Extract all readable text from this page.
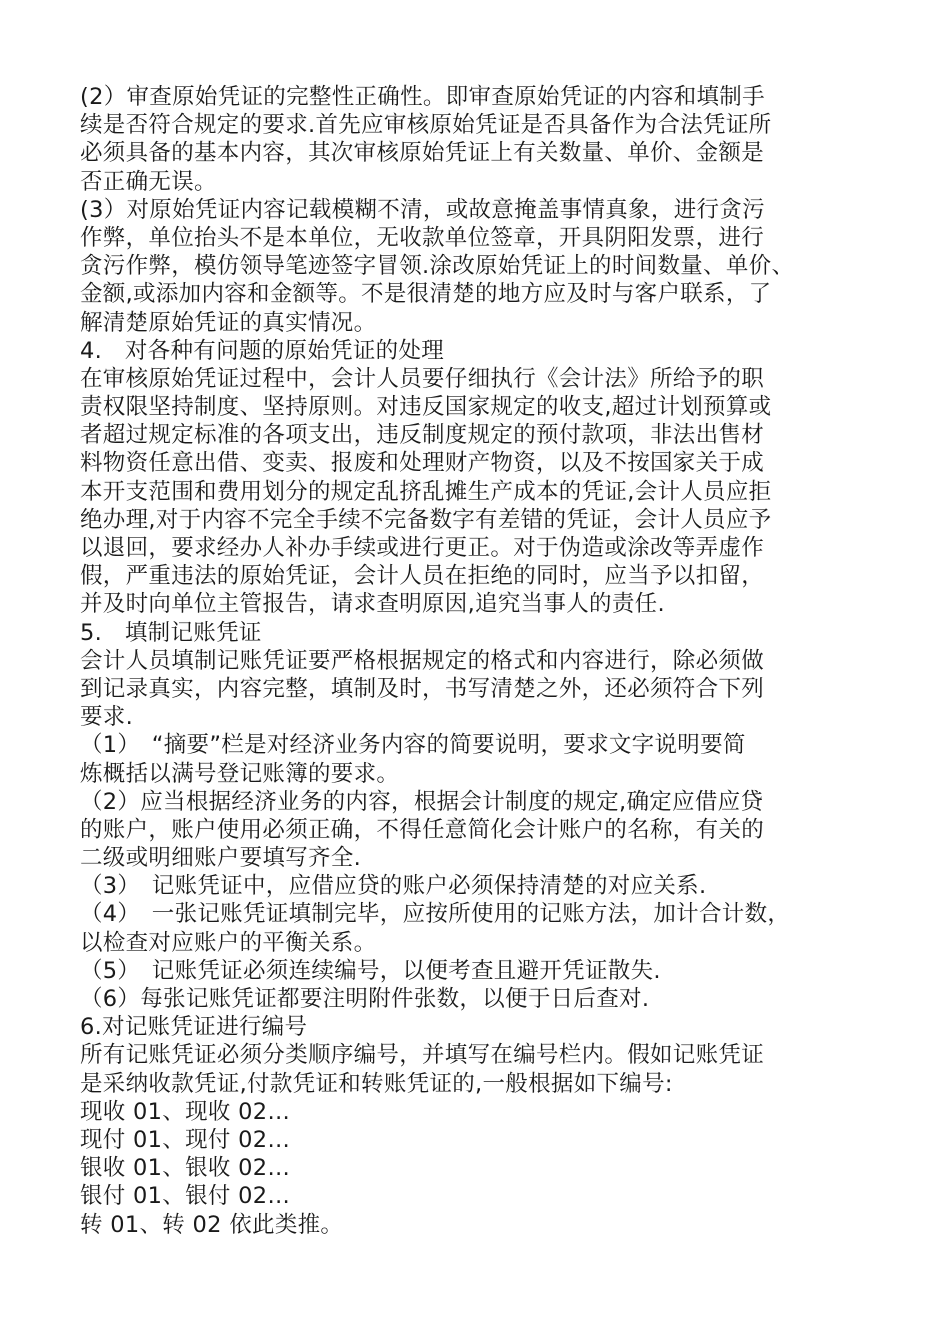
(2）审查原始凭证的完整性正确性。即审查原始凭证的内容和填制手
续是否符合规定的要求.首先应审核原始凭证是否具备作为合法凭证所
必须具备的基本内容，其次审核原始凭证上有关数量、单价、金额是
否正确无误。
(3）对原始凭证内容记载模糊不清，或故意掩盖事情真象，进行贪污
作弊，单位抬头不是本单位，无收款单位签章，开具阴阳发票，进行
贪污作弊，模仿领导笔迹签字冒领.涂改原始凭证上的时间数量、单价、
金额,或添加内容和金额等。不是很清楚的地方应及时与客户联系，了
解清楚原始凭证的真实情况。
4.　对各种有问题的原始凭证的处理
在审核原始凭证过程中，会计人员要仔细执行《会计法》所给予的职
责权限坚持制度、坚持原则。对违反国家规定的收支,超过计划预算或
者超过规定标准的各项支出，违反制度规定的预付款项，非法出售材
料物资任意出借、变卖、报废和处理财产物资，以及不按国家关于成
本开支范围和费用划分的规定乱挤乱摊生产成本的凭证,会计人员应拒
绝办理,对于内容不完全手续不完备数字有差错的凭证，会计人员应予
以退回，要求经办人补办手续或进行更正。对于伪造或涂改等弄虚作
假，严重违法的原始凭证，会计人员在拒绝的同时，应当予以扣留，
并及时向单位主管报告，请求查明原因,追究当事人的责任.
5.　填制记账凭证
会计人员填制记账凭证要严格根据规定的格式和内容进行，除必须做
到记录真实，内容完整，填制及时，书写清楚之外，还必须符合下列
要求.
（1）　“摘要”栏是对经济业务内容的简要说明，要求文字说明要简
炼概括以满号登记账簿的要求。
（2）应当根据经济业务的内容，根据会计制度的规定,确定应借应贷
的账户，账户使用必须正确，不得任意简化会计账户的名称，有关的
二级或明细账户要填写齐全.
（3）　记账凭证中，应借应贷的账户必须保持清楚的对应关系.
（4）　一张记账凭证填制完毕，应按所使用的记账方法，加计合计数，
以检查对应账户的平衡关系。
（5）　记账凭证必须连续编号，以便考查且避开凭证散失.
（6）每张记账凭证都要注明附件张数，以便于日后查对.
6.对记账凭证进行编号
所有记账凭证必须分类顺序编号，并填写在编号栏内。假如记账凭证
是采纳收款凭证,付款凭证和转账凭证的,一般根据如下编号:
现收 01、现收 02…
现付 01、现付 02…
银收 01、银收 02…
银付 01、银付 02…
转 01、转 02 依此类推。
